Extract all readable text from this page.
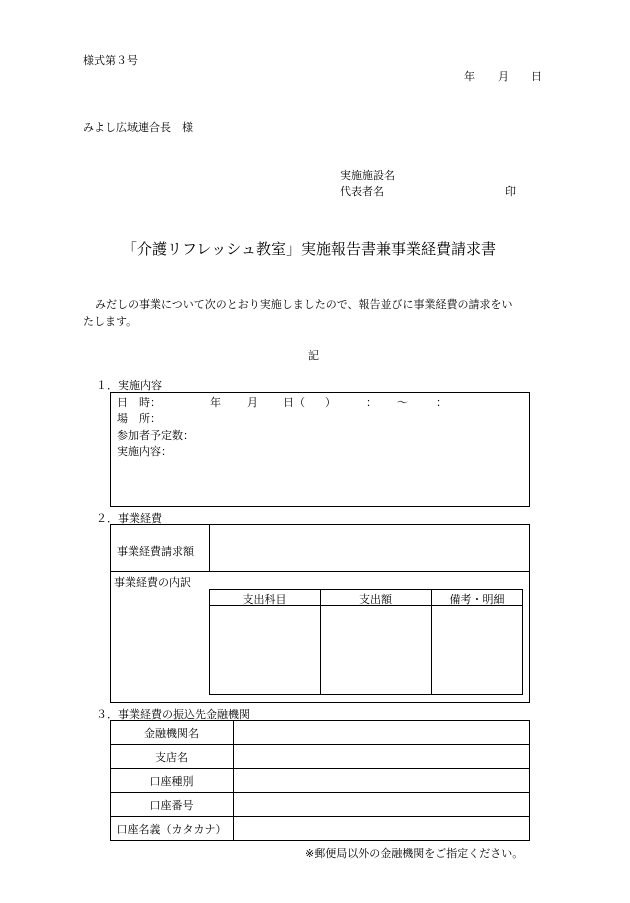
様式第３号
年 月 日
みよし広域連合長　様
実施施設名
代表者名	印
「介護リフレッシュ教室」実施報告書兼事業経費請求書
みだしの事業について次のとおり実施しましたので、報告並びに事業経費の請求をい
たします。
記
１．実施内容
日　時：	年 月 日（ ）	： ～	：
場　所：
参加者予定数：
実施内容：
２．事業経費
事業経費請求額
事業経費の内訳
支出科目	支出額	備考・明細
３．事業経費の振込先金融機関
金融機関名
支店名
口座種別
口座番号
口座名義（カタカナ）
※郵便局以外の金融機関をご指定ください。
